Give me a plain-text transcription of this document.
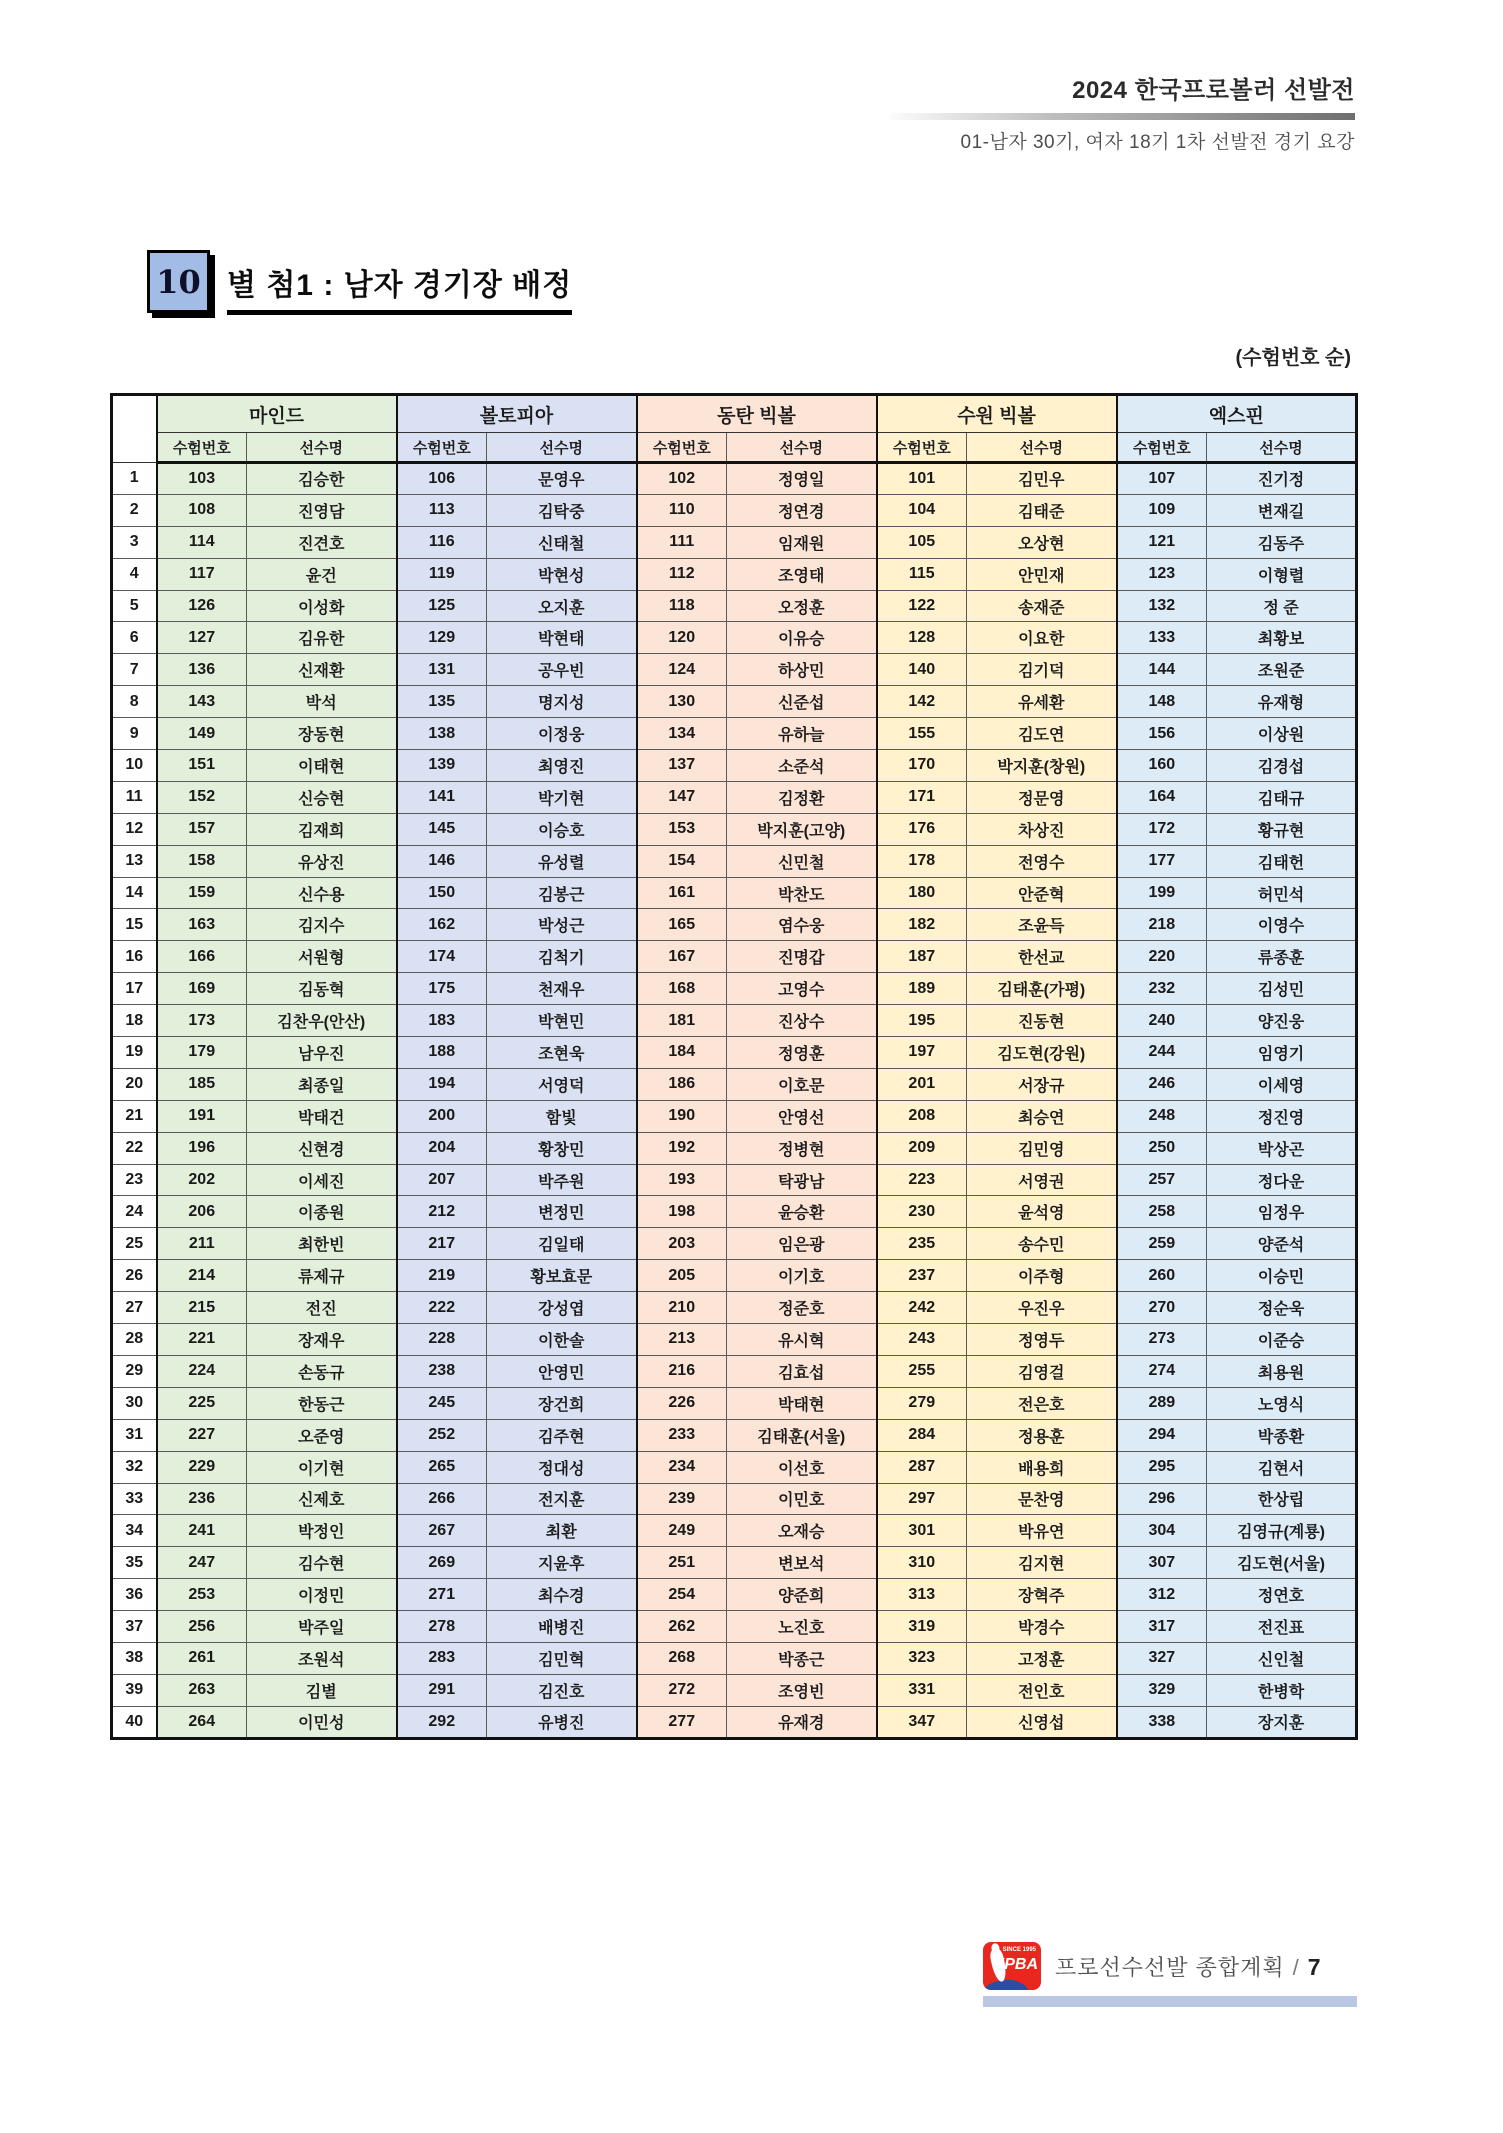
2024 한국프로볼러 선발전
01-남자 30기, 여자 18기 1차 선발전 경기 요강
10 별 첨1 : 남자 경기장 배정
(수험번호 순)
	마인드		볼토피아		동탄 빅볼		수원 빅볼		엑스핀	
	수험번호	선수명	수험번호	선수명	수험번호	선수명	수험번호	선수명	수험번호	선수명
1	103	김승한	106	문영우	102	정영일	101	김민우	107	진기정
2	108	진영담	113	김탁중	110	정연경	104	김태준	109	변재길
3	114	진견호	116	신태철	111	임재원	105	오상현	121	김동주
4	117	윤건	119	박현성	112	조영태	115	안민재	123	이형렬
5	126	이성화	125	오지훈	118	오정훈	122	송재준	132	정 준
6	127	김유한	129	박현태	120	이유승	128	이요한	133	최황보
7	136	신재환	131	공우빈	124	하상민	140	김기덕	144	조원준
8	143	박석	135	명지성	130	신준섭	142	유세환	148	유재형
9	149	장동현	138	이정웅	134	유하늘	155	김도연	156	이상원
10	151	이태현	139	최영진	137	소준석	170	박지훈(창원)	160	김경섭
11	152	신승현	141	박기현	147	김정환	171	정문영	164	김태규
12	157	김재희	145	이승호	153	박지훈(고양)	176	차상진	172	황규현
13	158	유상진	146	유성렬	154	신민철	178	전영수	177	김태헌
14	159	신수용	150	김봉근	161	박찬도	180	안준혁	199	허민석
15	163	김지수	162	박성근	165	염수웅	182	조윤득	218	이영수
16	166	서원형	174	김척기	167	진명갑	187	한선교	220	류종훈
17	169	김동혁	175	천재우	168	고영수	189	김태훈(가평)	232	김성민
18	173	김찬우(안산)	183	박현민	181	진상수	195	진동현	240	양진웅
19	179	남우진	188	조현욱	184	정영훈	197	김도현(강원)	244	임영기
20	185	최종일	194	서영덕	186	이호문	201	서장규	246	이세영
21	191	박태건	200	함빛	190	안영선	208	최승연	248	정진영
22	196	신현경	204	황창민	192	정병현	209	김민영	250	박상곤
23	202	이세진	207	박주원	193	탁광남	223	서영권	257	정다운
24	206	이종원	212	변정민	198	윤승환	230	윤석영	258	임정우
25	211	최한빈	217	김일태	203	임은광	235	송수민	259	양준석
26	214	류제규	219	황보효문	205	이기호	237	이주형	260	이승민
27	215	전진	222	강성엽	210	정준호	242	우진우	270	정순욱
28	221	장재우	228	이한솔	213	유시혁	243	정영두	273	이준승
29	224	손동규	238	안영민	216	김효섭	255	김영걸	274	최용원
30	225	한동근	245	장건희	226	박태현	279	전은호	289	노영식
31	227	오준영	252	김주현	233	김태훈(서울)	284	정용훈	294	박종환
32	229	이기현	265	정대성	234	이선호	287	배용희	295	김현서
33	236	신제호	266	전지훈	239	이민호	297	문찬영	296	한상립
34	241	박정인	267	최환	249	오재승	301	박유연	304	김영규(계룡)
35	247	김수현	269	지윤후	251	변보석	310	김지현	307	김도현(서울)
36	253	이정민	271	최수경	254	양준희	313	장혁주	312	정연호
37	256	박주일	278	배병진	262	노진호	319	박경수	317	전진표
38	261	조원석	283	김민혁	268	박종근	323	고정훈	327	신인철
39	263	김별	291	김진호	272	조영빈	331	전인호	329	한병학
40	264	이민성	292	유병진	277	유재경	347	신영섭	338	장지훈
SINCE 1995
KPBA 프로선수선발 종합계획 / 7
